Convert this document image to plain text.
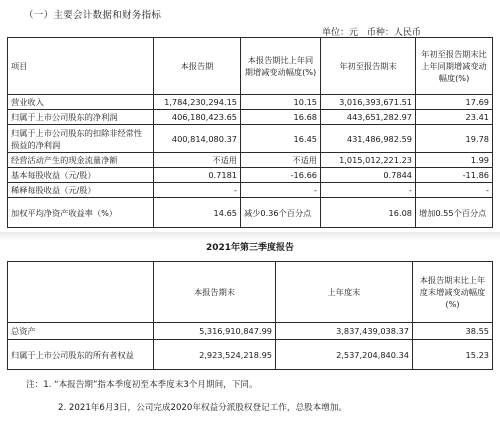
（一）主要会计数据和财务指标
单位：元 币种：人民币
项目	本报告期	本报告期比上年同期增减变动幅度(%)	年初至报告期末	年初至报告期末比上年同期增减变动幅度(%)
营业收入	1,784,230,294.15	10.15	3,016,393,671.51	17.69
归属于上市公司股东的净利润	406,180,423.65	16.68	443,651,282.97	23.41
归属于上市公司股东的扣除非经常性损益的净利润	400,814,080.37	16.45	431,486,982.59	19.78
经营活动产生的现金流量净额	不适用	不适用	1,015,012,221.23	1.99
基本每股收益（元/股）	0.7181	-16.66	0.7844	-11.86
稀释每股收益（元/股）	-	-	-	-
加权平均净资产收益率（%）	14.65	减少0.36个百分点	16.08	增加0.55个百分点
2021年第三季度报告
	本报告期末	上年度末	本报告期末比上年度末增减变动幅度(%)
总资产	5,316,910,847.99	3,837,439,038.37	38.55
归属于上市公司股东的所有者权益	2,923,524,218.95	2,537,204,840.34	15.23
注：1. “本报告期”指本季度初至本季度末3个月期间，下同。
2. 2021年6月3日，公司完成2020年权益分派股权登记工作，总股本增加。
